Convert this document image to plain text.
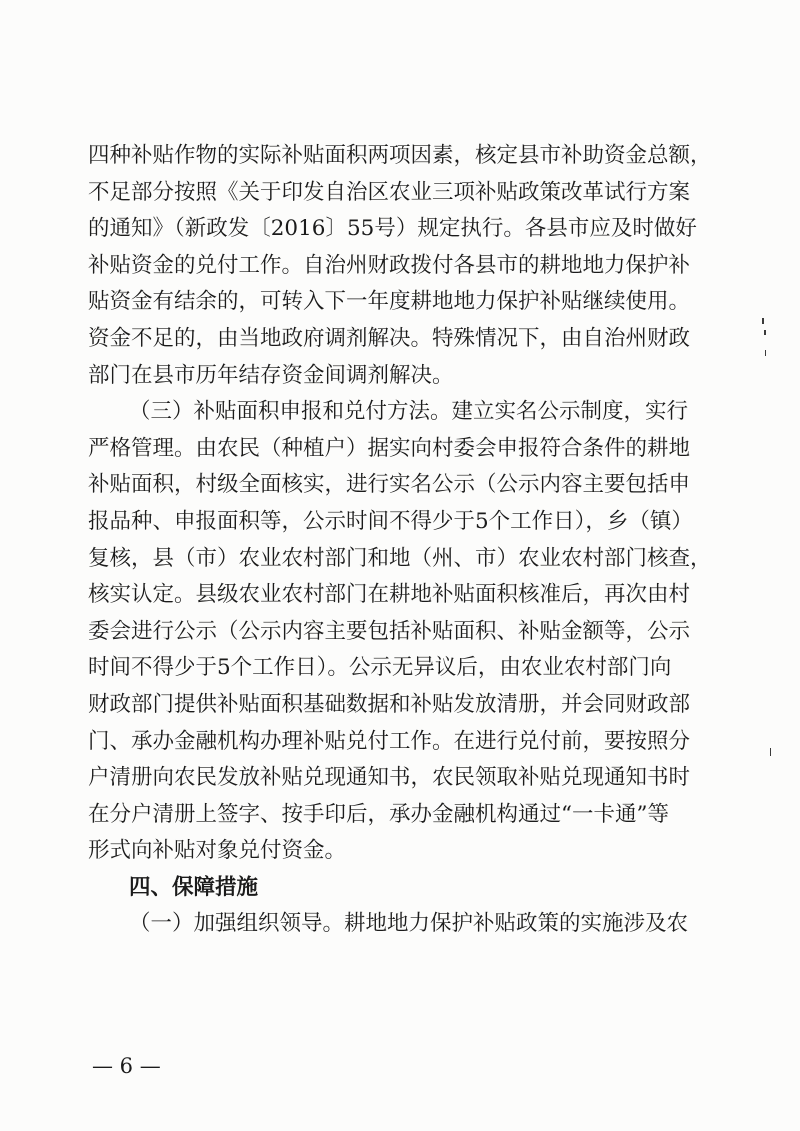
四种补贴作物的实际补贴面积两项因素，核定县市补助资金总额，
不足部分按照《关于印发自治区农业三项补贴政策改革试行方案
的通知》（新政发〔2016〕55号）规定执行。各县市应及时做好
补贴资金的兑付工作。自治州财政拨付各县市的耕地地力保护补
贴资金有结余的，可转入下一年度耕地地力保护补贴继续使用。
资金不足的，由当地政府调剂解决。特殊情况下，由自治州财政
部门在县市历年结存资金间调剂解决。
（三）补贴面积申报和兑付方法。建立实名公示制度，实行
严格管理。由农民（种植户）据实向村委会申报符合条件的耕地
补贴面积，村级全面核实，进行实名公示（公示内容主要包括申
报品种、申报面积等，公示时间不得少于5个工作日），乡（镇）
复核，县（市）农业农村部门和地（州、市）农业农村部门核查，
核实认定。县级农业农村部门在耕地补贴面积核准后，再次由村
委会进行公示（公示内容主要包括补贴面积、补贴金额等，公示
时间不得少于5个工作日）。公示无异议后，由农业农村部门向
财政部门提供补贴面积基础数据和补贴发放清册，并会同财政部
门、承办金融机构办理补贴兑付工作。在进行兑付前，要按照分
户清册向农民发放补贴兑现通知书，农民领取补贴兑现通知书时
在分户清册上签字、按手印后，承办金融机构通过“一卡通”等
形式向补贴对象兑付资金。
四、保障措施
（一）加强组织领导。耕地地力保护补贴政策的实施涉及农
— 6 —
